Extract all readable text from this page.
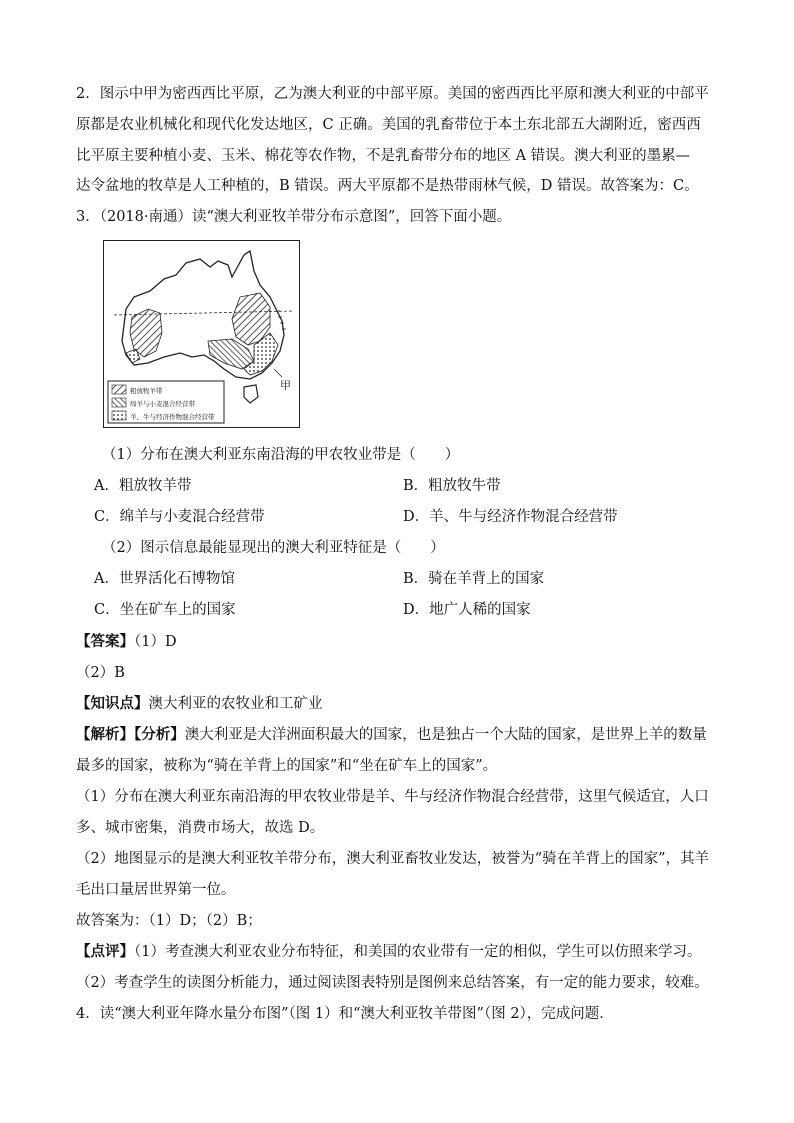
2．图示中甲为密西西比平原，乙为澳大利亚的中部平原。美国的密西西比平原和澳大利亚的中部平
原都是农业机械化和现代化发达地区，C 正确。美国的乳畜带位于本土东北部五大湖附近，密西西
比平原主要种植小麦、玉米、棉花等农作物，不是乳畜带分布的地区 A 错误。澳大利亚的墨累—
达令盆地的牧草是人工种植的，B 错误。两大平原都不是热带雨林气候，D 错误。故答案为：C。
3．（2018·南通）读“澳大利亚牧羊带分布示意图”，回答下面小题。
甲
粗放牧羊带
绵羊与小麦混合经营带
羊、牛与经济作物混合经营带
（1）分布在澳大利亚东南沿海的甲农牧业带是（　　）
A．粗放牧羊带	B．粗放牧牛带
C．绵羊与小麦混合经营带	D．羊、牛与经济作物混合经营带
（2）图示信息最能显现出的澳大利亚特征是（　　）
A．世界活化石博物馆	B．骑在羊背上的国家
C．坐在矿车上的国家	D．地广人稀的国家
【答案】（1）D
（2）B
【知识点】澳大利亚的农牧业和工矿业
【解析】【分析】澳大利亚是大洋洲面积最大的国家，也是独占一个大陆的国家，是世界上羊的数量
最多的国家，被称为“骑在羊背上的国家”和“坐在矿车上的国家”。
（1）分布在澳大利亚东南沿海的甲农牧业带是羊、牛与经济作物混合经营带，这里气候适宜，人口
多、城市密集，消费市场大，故选 D。
（2）地图显示的是澳大利亚牧羊带分布，澳大利亚畜牧业发达，被誉为“骑在羊背上的国家”，其羊
毛出口量居世界第一位。
故答案为：（1）D；（2）B；
【点评】（1）考查澳大利亚农业分布特征，和美国的农业带有一定的相似，学生可以仿照来学习。
（2）考查学生的读图分析能力，通过阅读图表特别是图例来总结答案，有一定的能力要求，较难。
4．读“澳大利亚年降水量分布图”（图 1）和“澳大利亚牧羊带图”（图 2），完成问题．
